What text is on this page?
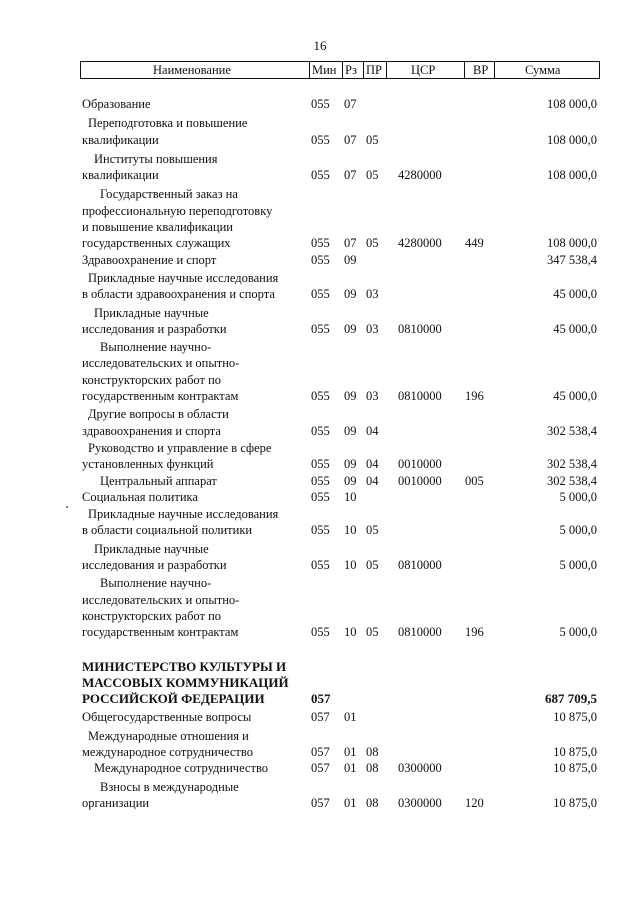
16
Наименование	Мин Рз ПР ЦСР	ВР	Сумма
Образование	055 07	108 000,0
Переподготовка и повышение
квалификации	055 07 05	108 000,0
Институты повышения
квалификации	055 07 05 4280000	108 000,0
Государственный заказ на
профессиональную переподготовку
и повышение квалификации
государственных служащих	055 07 05 4280000 449	108 000,0
Здравоохранение и спорт	055 09	347 538,4
Прикладные научные исследования
в области здравоохранения и спорта	055 09 03	45 000,0
Прикладные научные
исследования и разработки	055 09 03 0810000	45 000,0
Выполнение научно-
исследовательских и опытно-
конструкторских работ по
государственным контрактам	055 09 03 0810000 196	45 000,0
Другие вопросы в области
здравоохранения и спорта	055 09 04	302 538,4
Руководство и управление в сфере
установленных функций	055 09 04 0010000	302 538,4
Центральный аппарат	055 09 04 0010000 005	302 538,4
Социальная политика	055 10	5 000,0
Прикладные научные исследования
в области социальной политики	055 10 05	5 000,0
Прикладные научные
исследования и разработки	055 10 05 0810000	5 000,0
Выполнение научно-
исследовательских и опытно-
конструкторских работ по
государственным контрактам	055 10 05 0810000 196	5 000,0
МИНИСТЕРСТВО КУЛЬТУРЫ И
МАССОВЫХ КОММУНИКАЦИЙ
РОССИЙСКОЙ ФЕДЕРАЦИИ	057	687 709,5
Общегосударственные вопросы	057 01	10 875,0
Международные отношения и
международное сотрудничество	057 01 08	10 875,0
Международное сотрудничество	057 01 08 0300000	10 875,0
Взносы в международные
организации	057 01 08 0300000 120	10 875,0
